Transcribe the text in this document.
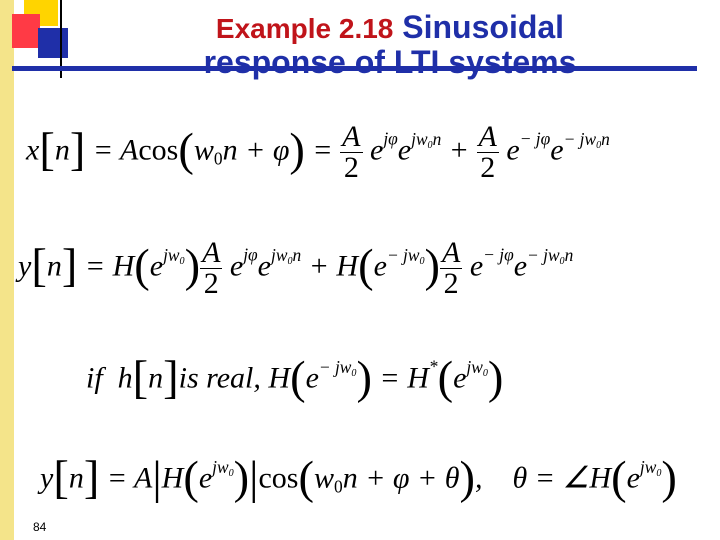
Example 2.18 Sinusoidal
response of LTI systems
$x[n] = Acos(w_0n + \varphi) = \frac{A}{2} e^{j\varphi}e^{jw_0n} + \frac{A}{2} e^{- j\varphi}e^{- jw_0n}$
$y[n] = H(e^{jw_0}) \frac{A}{2} e^{j\varphi}e^{jw_0n} + H(e^{- jw_0}) \frac{A}{2} e^{- j\varphi}e^{- jw_0n}$
if  h[n]is real, $H(e^{- jw_0}) = H^*(e^{jw_0})$
$y[n] = A|H(e^{jw_0})|\cos(w_0n + \varphi + \theta)$,    $\theta = \angle H(e^{jw_0})$
84
